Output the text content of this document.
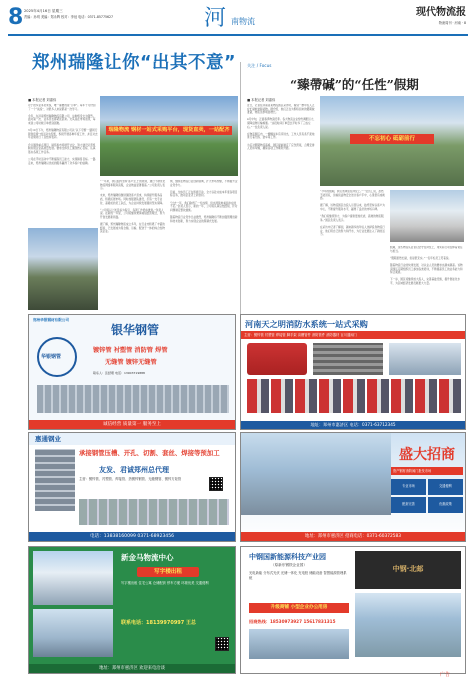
8 2025年4月16日 星期三
责编：孙玥 美编：郑永辉 校对：李冠 电话：0371-85775627	河 南物流
现代物流报
物流周刊 · 河南 · 8
郑州瑞隆让你“出其不意”
■ 本报记者 刘嘉伟
对于很多业务员来说，唯一重要的是“订单”。每年十月份到了一个“战役”，对很多人来说都是一次学习。

今年，在河南郑州瑞隆物流有限公司，这种感受尤为强烈。面对第一次、业务员也都紧张起来。尤其是在市场连续，每来到公司时候订单感到困难。

3月10日下午，郑州瑞隆物流有限公司以“以下专题‘一路同行锁创佳绩’”的活动为契机，积极开展各种年度工作，并且对去年业绩进行了总结和表彰。

会议围绕重点项目、销售和市场展开讨论，努力建设运营机制实现企业高质量发展。要求全体员工围绕核心目标，认真落实各项工作任务。

公司在平时活动中不断提高员工能力，实现销售目标。一路走来，郑州瑞隆以优质的服务赢得了众多客户的信赖。
瑞隆物流 钢材一站式采购平台，现货直卖，一站配齐
“一年来，我们始终坚持‘客户至上’的原则，通过不断优化物流网络和服务流程，企业效益显著提高。”公司负责人表示。

未来，郑州瑞隆将继续围绕客户需求，持续提升服务品质，积极拓展市场。同时加强团队建设，打造一支专业化、高素质的员工队伍，为企业持续发展提供坚实保障。

“公司将以上述目标为指引，各项工作稳步推进。”负责人说。在新的一年里，公司将继续秉承诚信经营理念，努力开创发展新局面。

据了解，郑州瑞隆物流成立多年，在行业内积累了丰富的经验，已发展成为集仓储、运输、配送于一体的综合性物流企业。
例，继续在物流行业创新领域，扩大市场份额，不断提升企业竞争力。

目前，全体员工正在积极行动，全力以赴完成本年度各项目标任务，推动企业迈上新台阶。

“过去一年，我们取得了一些成绩，但也清楚地看到存在的不足。”负责人表示，新的一年，公司将认真总结经验，针对问题制定整改措施。

随着物流行业竞争日益激烈，郑州瑞隆将不断加强管理创新和技术创新，努力实现企业的跨越式发展。
关注 / Focus
“臻帶碱”的“任性”假期
■ 本报记者 刘嘉伟
近日，记者在河南省某物流园区采访时，看到一群年轻人正在忙碌地装卸货物。据介绍，他们正在为即将到来的假期做准备，物流需求明显增长。

4月中旬，正值春季物流旺季。各大物流企业纷纷调配运力，保障货物运输畅通。“这段时间订单量比平时多了三成左右。”一位负责人说。

在物流园区内，一辆辆货车有序进出，工作人员有条不紊地进行着分拣、装车等工作。

为应对假期物流高峰，园区提前制定了应急预案，合理安排人员和车辆，确保各项工作顺利开展。
不忘初心 砥砺前行
“今年的假期，我们选择留在岗位上。”一位员工说，虽然不能回家，但看到货物安全送达客户手中，心里很有成就感。

据了解，该物流园区自投入运营以来，始终坚持以客户为中心，不断提升服务水平，赢得了良好的市场口碑。

“我们将继续努力，为客户提供更加优质、高效的物流服务。”园区负责人表示。

在采访中记者了解到，越来越多的年轻人选择投身物流行业，他们用自己的努力和汗水，为行业发展注入了新的活力。
假期，这些物流从业者们坚守在岗位上，用实际行动诠释着责任与担当。

“假期虽然忙碌，但是很充实。”一名年轻员工笑着说。

随着物流行业的快速发展，对从业人员的要求也越来越高。该物流园区定期组织员工参加各类培训，不断提高员工的业务能力和综合素质。

下一步，园区将继续加大投入，完善基础设施，提升智能化水平，为区域经济发展贡献更大力量。
郑州华银钢材有限公司
银华钢管
华银钢管
镀锌管 衬塑管 消防管 焊管
无缝管 镀锌无缝管
联系人：张经理 电话：13903719888
诚信经营 质量第一 服务至上
河南天之明消防水系统一站式采购
主营：镀锌管 衬塑管 焊接管 脚手架 沟槽管件 消防管件 消防器材 百川通阀门
地址：郑州市惠济区 电话：0371-63712345
惠通钢业
承接钢管压槽、开孔、切割、套丝、焊接等预加工
友发、君诚郑州总代理
主营：镀锌管、衬塑管、焊接管、热镀锌钢管、无缝钢管、镀锌方矩管
电话：13838160099 0371-68923456
盛大招商
资产钢材消防阀门批发市场
专业市场	交通便利
配套完善	优惠政策
地址：郑州市惠济区 招商电话：0371-60372583
新金马物流中心
写字楼出租
写字楼出租 住宅公寓 仓储配套 停车方便 环境优美 交通便利
联系电话：18139970997 王总
地址：郑州市惠济区 欢迎来电洽谈
中钢国新能源科技产业园
（原新东钢铁企业园）
光电新能 分布式光伏 光储一体化 充电桩 储能设备 智慧能源管理系统
升级商铺 小型企业办公用房
招商热线：18530973927 15617831315
中钢·北邮
广告
